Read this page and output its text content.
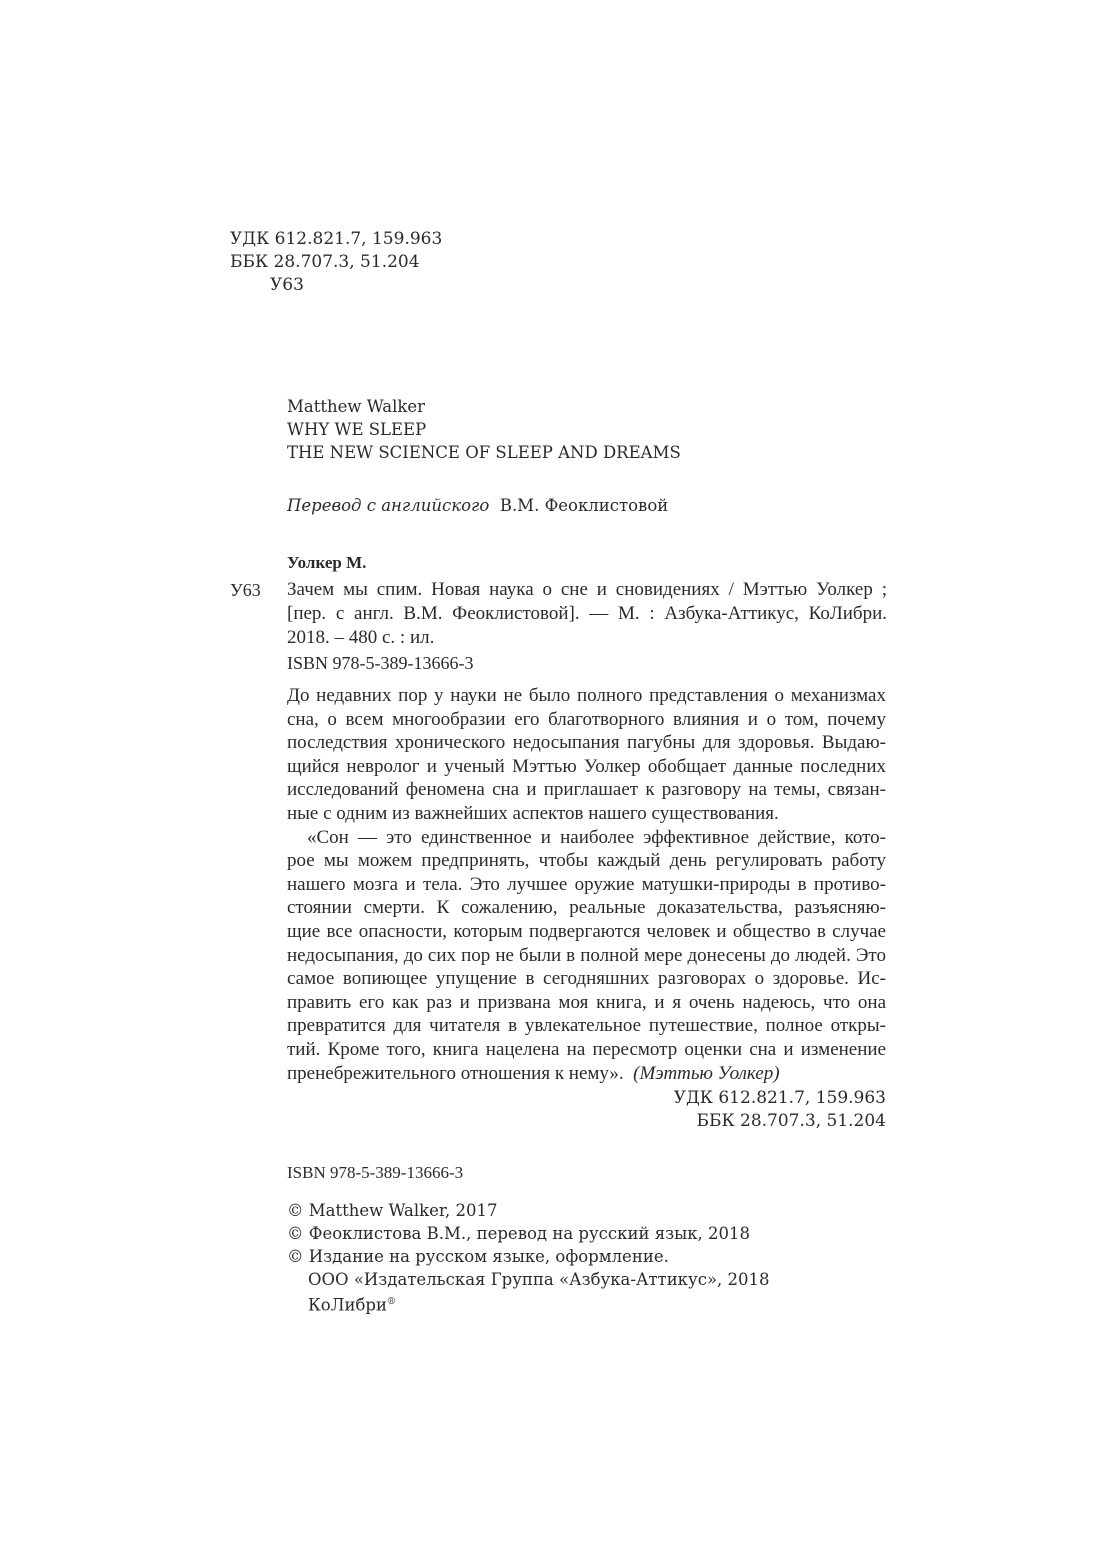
УДК 612.821.7, 159.963
ББК 28.707.3, 51.204
У63
Matthew Walker
WHY WE SLEEP
THE NEW SCIENCE OF SLEEP AND DREAMS
Перевод с английского В.М. Феоклистовой
Уолкер М.
У63 Зачем мы спим. Новая наука о сне и сновидениях / Мэттью Уолкер ;
[пер. с англ. В.М. Феоклистовой]. — М. : Азбука-Аттикус, КоЛибри.
2018. – 480 с. : ил.
ISBN 978-5-389-13666-3
До недавних пор у науки не было полного представления о механизмах
сна, о всем многообразии его благотворного влияния и о том, почему
последствия хронического недосыпания пагубны для здоровья. Выдаю-
щийся невролог и ученый Мэттью Уолкер обобщает данные последних
исследований феномена сна и приглашает к разговору на темы, связан-
ные с одним из важнейших аспектов нашего существования.
«Сон — это единственное и наиболее эффективное действие, кото-
рое мы можем предпринять, чтобы каждый день регулировать работу
нашего мозга и тела. Это лучшее оружие матушки-природы в противо-
стоянии смерти. К сожалению, реальные доказательства, разъясняю-
щие все опасности, которым подвергаются человек и общество в случае
недосыпания, до сих пор не были в полной мере донесены до людей. Это
самое вопиющее упущение в сегодняшних разговорах о здоровье. Ис-
править его как раз и призвана моя книга, и я очень надеюсь, что она
превратится для читателя в увлекательное путешествие, полное откры-
тий. Кроме того, книга нацелена на пересмотр оценки сна и изменение
пренебрежительного отношения к нему». (Мэттью Уолкер)
УДК 612.821.7, 159.963
ББК 28.707.3, 51.204
ISBN 978-5-389-13666-3
© Matthew Walker, 2017
© Феоклистова В.М., перевод на русский язык, 2018
© Издание на русском языке, оформление.
ООО «Издательская Группа «Азбука-Аттикус», 2018
КоЛибри®
